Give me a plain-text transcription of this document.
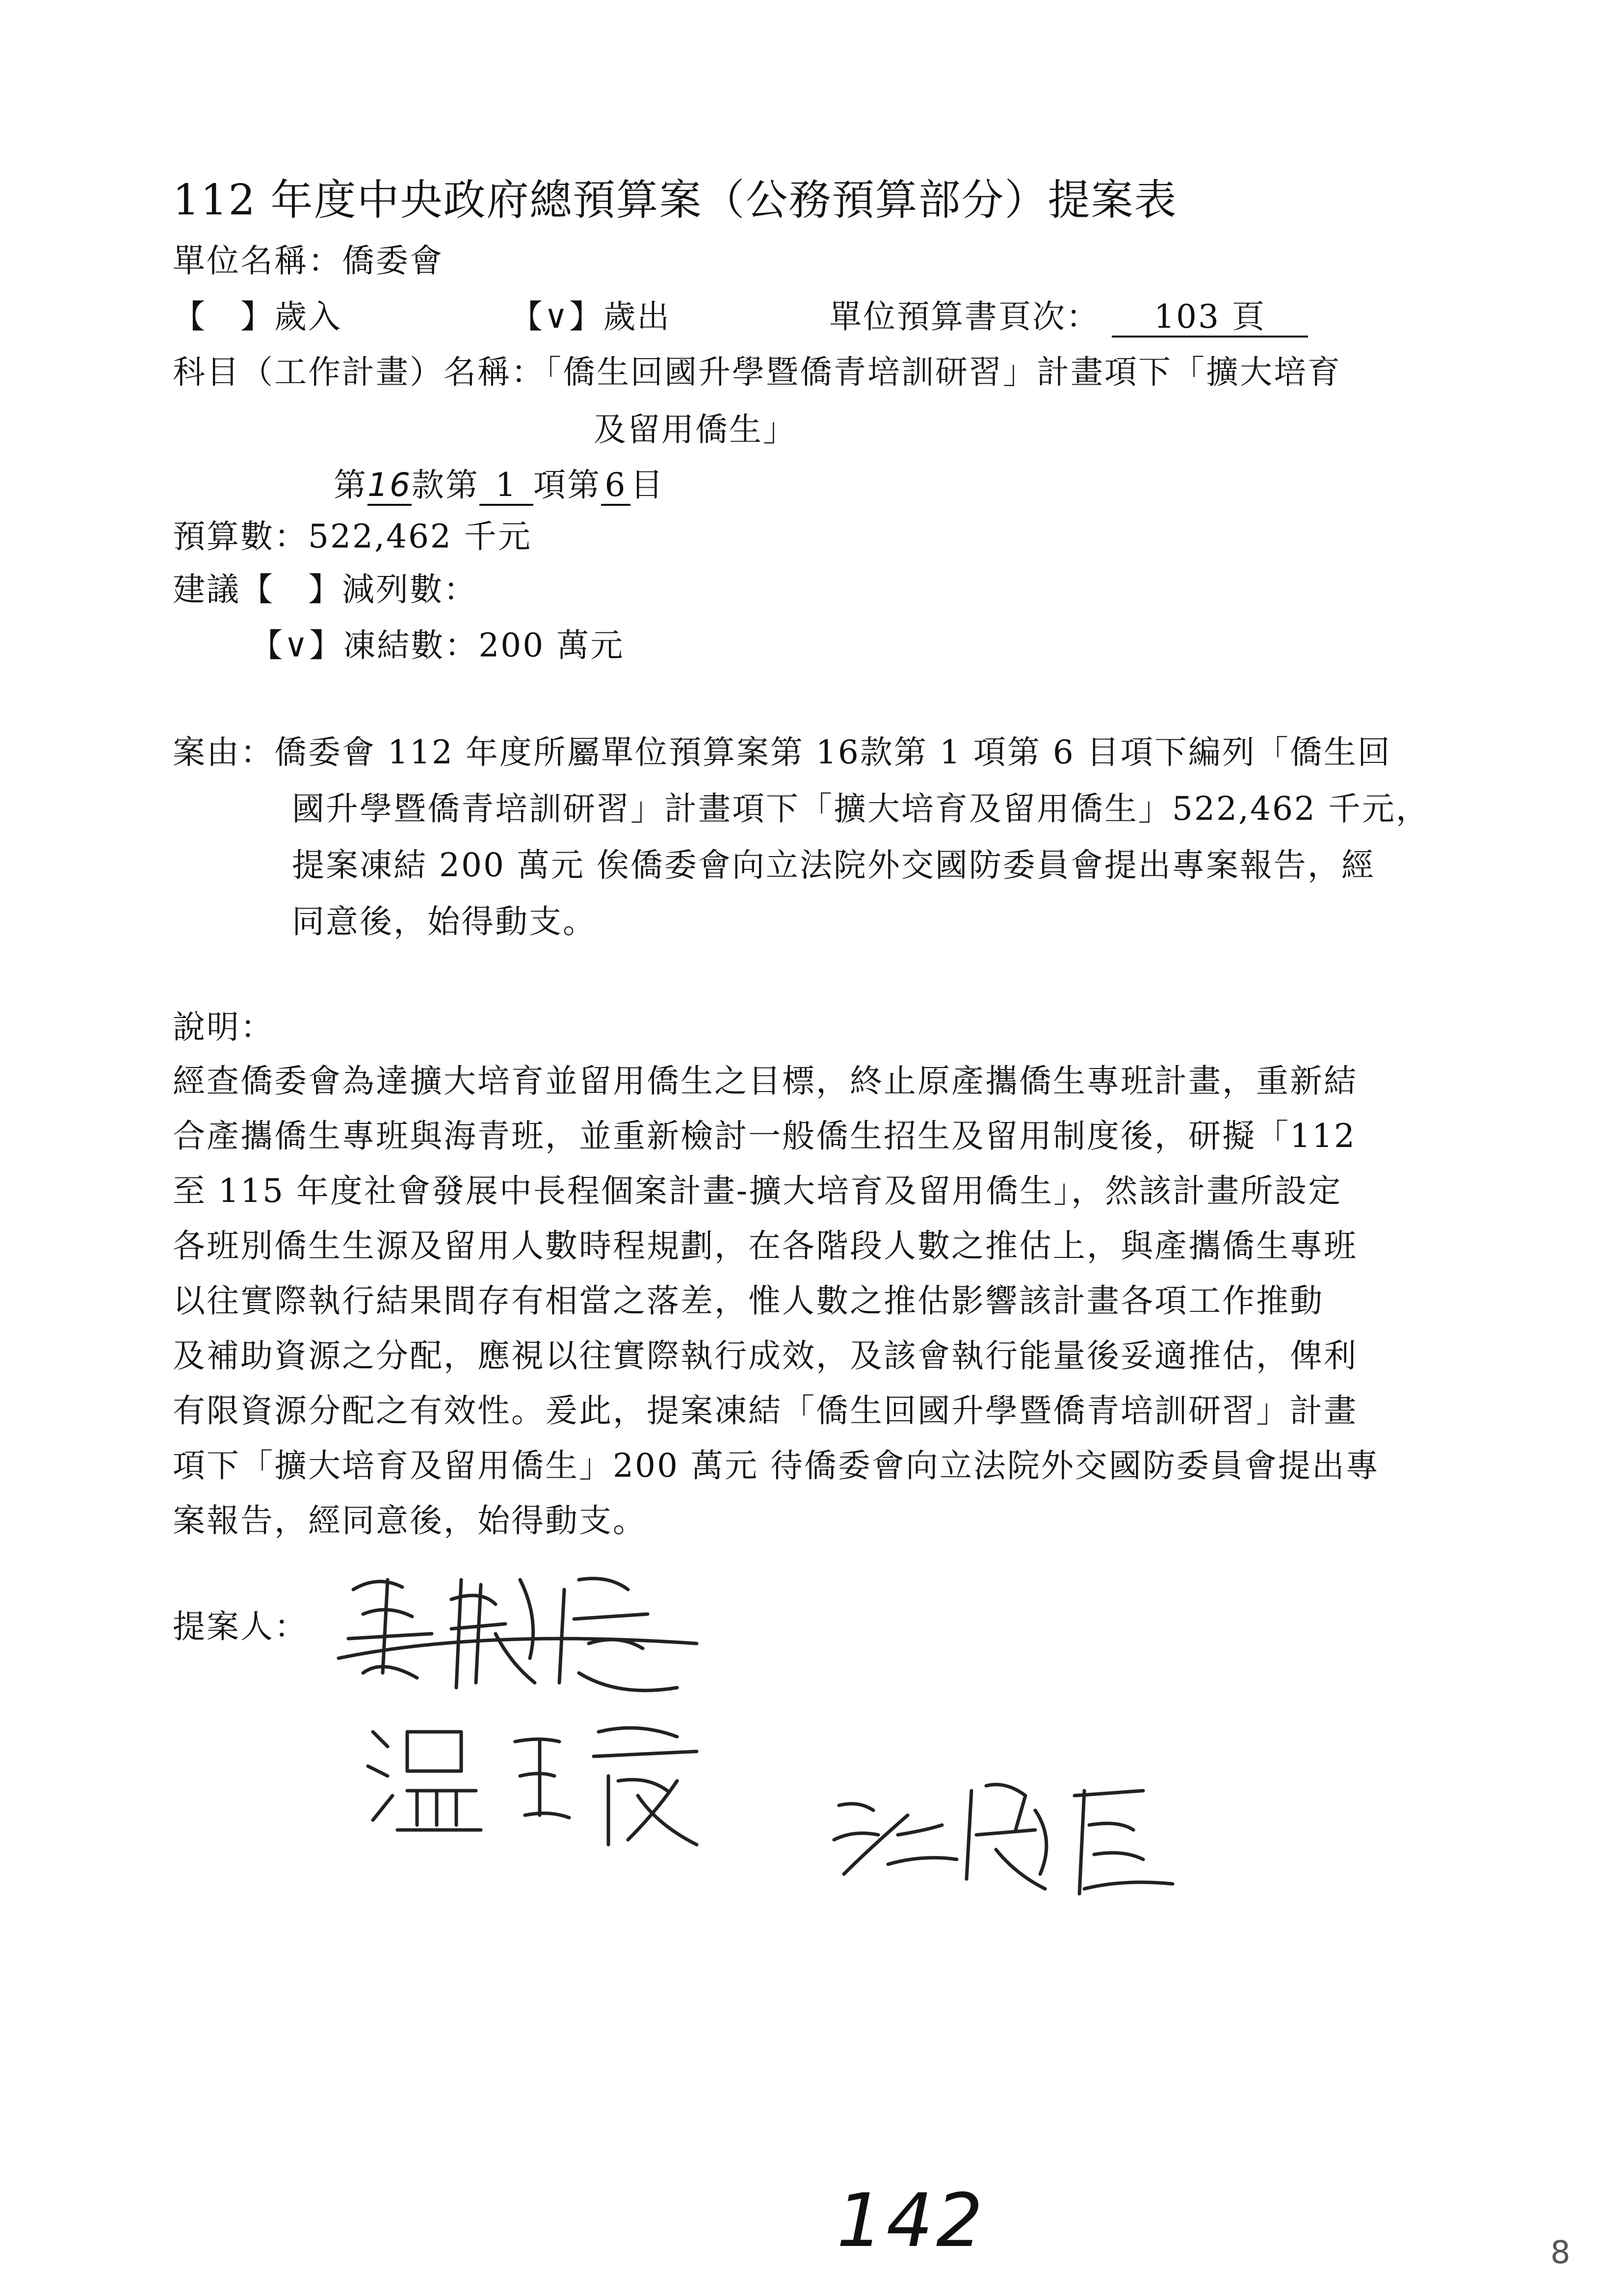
112 年度中央政府總預算案（公務預算部分）提案表
單位名稱：僑委會
【　】歲入	【∨】歲出	單位預算書頁次： 103 頁
科目（工作計畫）名稱：「僑生回國升學暨僑青培訓研習」計畫項下「擴大培育
及留用僑生」
第16款第 1 項第 6 目
預算數：522,462 千元
建議【　】減列數：
【∨】凍結數：200 萬元
案由：僑委會 112 年度所屬單位預算案第 16款第 1 項第 6 目項下編列「僑生回
國升學暨僑青培訓研習」計畫項下「擴大培育及留用僑生」522,462 千元，
提案凍結 200 萬元 俟僑委會向立法院外交國防委員會提出專案報告，經
同意後，始得動支。
說明：
經查僑委會為達擴大培育並留用僑生之目標，終止原產攜僑生專班計畫，重新結
合產攜僑生專班與海青班，並重新檢討一般僑生招生及留用制度後，研擬「112
至 115 年度社會發展中長程個案計畫-擴大培育及留用僑生」，然該計畫所設定
各班別僑生生源及留用人數時程規劃，在各階段人數之推估上，與產攜僑生專班
以往實際執行結果間存有相當之落差，惟人數之推估影響該計畫各項工作推動
及補助資源之分配，應視以往實際執行成效，及該會執行能量後妥適推估，俾利
有限資源分配之有效性。爰此，提案凍結「僑生回國升學暨僑青培訓研習」計畫
項下「擴大培育及留用僑生」200 萬元 待僑委會向立法院外交國防委員會提出專
案報告，經同意後，始得動支。
提案人：
142	8
